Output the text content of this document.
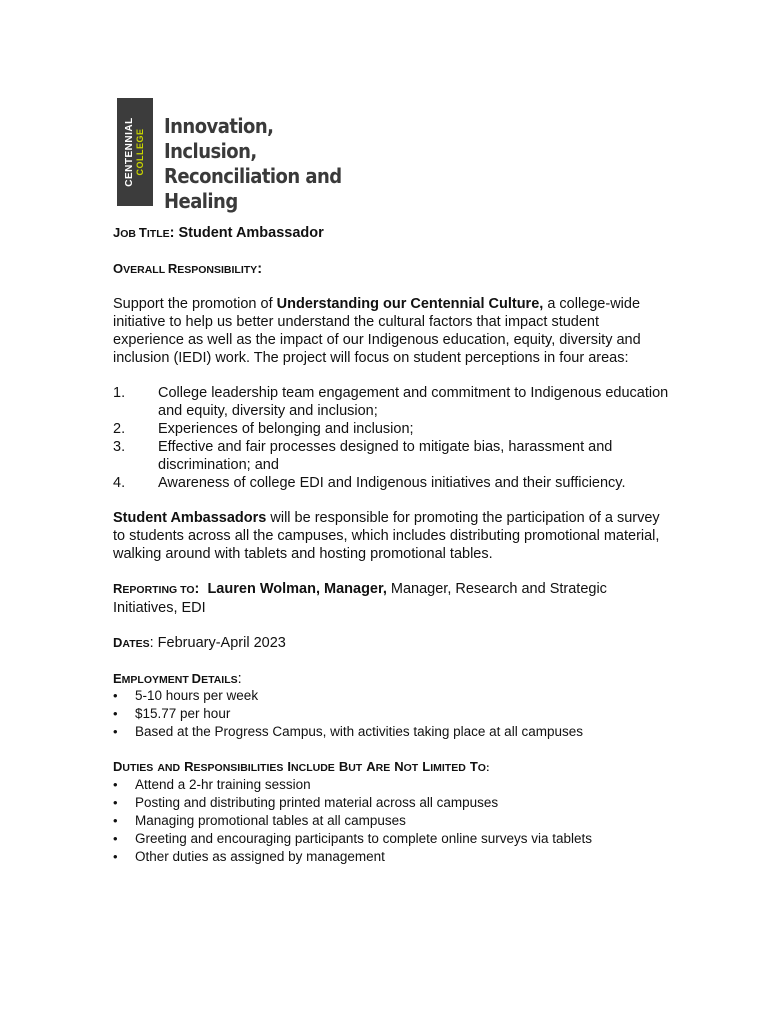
CENTENNIAL COLLEGE
Innovation, Inclusion,
Reconciliation and
Healing
JOB TITLE: Student Ambassador
OVERALL RESPONSIBILITY:
Support the promotion of Understanding our Centennial Culture, a college-wide initiative to help us better understand the cultural factors that impact student experience as well as the impact of our Indigenous education, equity, diversity and inclusion (IEDI) work. The project will focus on student perceptions in four areas:
1.	College leadership team engagement and commitment to Indigenous education and equity, diversity and inclusion;
2.	Experiences of belonging and inclusion;
3.	Effective and fair processes designed to mitigate bias, harassment and discrimination; and
4.	Awareness of college EDI and Indigenous initiatives and their sufficiency.
Student Ambassadors will be responsible for promoting the participation of a survey to students across all the campuses, which includes distributing promotional material, walking around with tablets and hosting promotional tables.
REPORTING TO: Lauren Wolman, Manager, Manager, Research and Strategic Initiatives, EDI
DATES: February-April 2023
EMPLOYMENT DETAILS:
•	5-10 hours per week
•	$15.77 per hour
•	Based at the Progress Campus, with activities taking place at all campuses
DUTIES AND RESPONSIBILITIES INCLUDE BUT ARE NOT LIMITED TO:
•	Attend a 2-hr training session
•	Posting and distributing printed material across all campuses
•	Managing promotional tables at all campuses
•	Greeting and encouraging participants to complete online surveys via tablets
•	Other duties as assigned by management
